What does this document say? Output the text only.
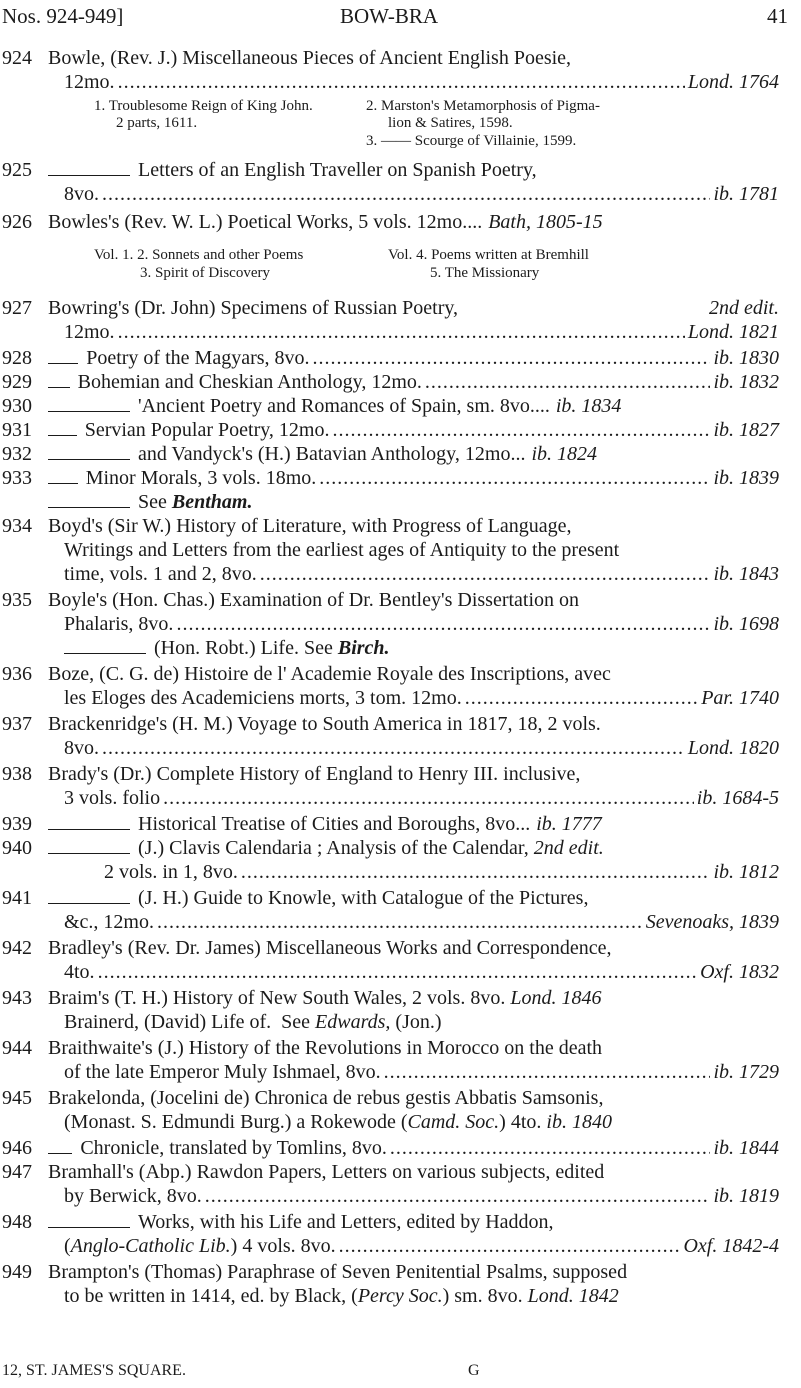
Nos. 924-949]	BOW-BRA	41
924 Bowle, (Rev. J.) Miscellaneous Pieces of Ancient English Poesie,
12mo. .....	Lond. 1764
1. Troublesome Reign of King John.
2 parts, 1611.
2. Marston's Metamorphosis of Pigma-
lion & Satires, 1598.
3. —— Scourge of Villainie, 1599.
925	Letters of an English Traveller on Spanish Poetry,
8vo. .....	ib. 1781
926 Bowles's (Rev. W. L.) Poetical Works, 5 vols. 12mo.... Bath, 1805-15
Vol. 1. 2. Sonnets and other Poems
3. Spirit of Discovery
Vol. 4. Poems written at Bremhill
5. The Missionary
927 Bowring's (Dr. John) Specimens of Russian Poetry,	2nd edit.
12mo. .....	Lond. 1821
928	Poetry of the Magyars, 8vo. .....	ib. 1830
929 Bohemian and Cheskian Anthology, 12mo. .....	ib. 1832
930	'Ancient Poetry and Romances of Spain, sm. 8vo.... ib. 1834
931	Servian Popular Poetry, 12mo. .....	ib. 1827
932	and Vandyck's (H.) Batavian Anthology, 12mo... ib. 1824
933	Minor Morals, 3 vols. 18mo. .....	ib. 1839
See
Bentham.
934 Boyd's (Sir W.) History of Literature, with Progress of Language,
Writings and Letters from the earliest ages of Antiquity to the present
time, vols. 1 and 2, 8vo. .....	ib. 1843
935 Boyle's (Hon. Chas.) Examination of Dr. Bentley's Dissertation on
Phalaris, 8vo. .....	ib. 1698
(Hon. Robt.) Life. See
Birch.
936 Boze, (C. G. de) Histoire de l' Academie Royale des Inscriptions, avec
les Eloges des Academiciens morts, 3 tom. 12mo. .....	Par. 1740
937 Brackenridge's (H. M.) Voyage to South America in 1817, 18, 2 vols.
8vo. .....	Lond. 1820
938 Brady's (Dr.) Complete History of England to Henry III. inclusive,
3 vols. folio .....	ib. 1684-5
939	Historical Treatise of Cities and Boroughs, 8vo... ib. 1777
940	(J.) Clavis Calendaria ; Analysis of the Calendar,
2nd edit.
2 vols. in 1, 8vo. .....	ib. 1812
941	(J. H.) Guide to Knowle, with Catalogue of the Pictures,
&c., 12mo. .....	Sevenoaks, 1839
942 Bradley's (Rev. Dr. James) Miscellaneous Works and Correspondence,
4to. .....	Oxf. 1832
943 Braim's (T. H.) History of New South Wales, 2 vols. 8vo.
Lond. 1846
Brainerd, (David) Life of.
See
Edwards,
(Jon.)
944 Braithwaite's (J.) History of the Revolutions in Morocco on the death
of the late Emperor Muly Ishmael, 8vo. .....	ib. 1729
945 Brakelonda, (Jocelini de) Chronica de rebus gestis Abbatis Samsonis,
(Monast. S. Edmundi Burg.) a Rokewode ( Camd. Soc. ) 4to.
ib. 1840
946 Chronicle, translated by Tomlins, 8vo. .....	ib. 1844
947 Bramhall's (Abp.) Rawdon Papers, Letters on various subjects, edited
by Berwick, 8vo. .....	ib. 1819
948	Works, with his Life and Letters, edited by Haddon,
( Anglo-Catholic Lib. ) 4 vols. 8vo. .....	Oxf. 1842-4
949 Brampton's (Thomas) Paraphrase of Seven Penitential Psalms, supposed
to be written in 1414, ed. by Black, ( Percy Soc. ) sm. 8vo.
Lond. 1842
12, ST. JAMES'S SQUARE.	G
